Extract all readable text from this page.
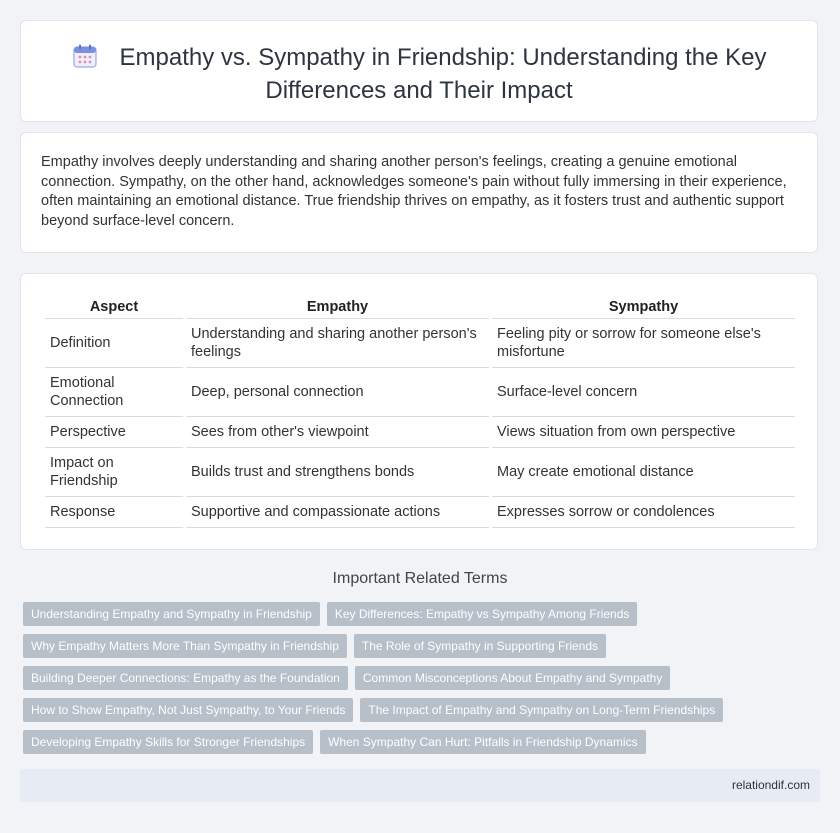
Empathy vs. Sympathy in Friendship: Understanding the Key Differences and Their Impact

Empathy involves deeply understanding and sharing another person's feelings, creating a genuine emotional connection. Sympathy, on the other hand, acknowledges someone's pain without fully immersing in their experience, often maintaining an emotional distance. True friendship thrives on empathy, as it fosters trust and authentic support beyond surface-level concern.

Aspect	Empathy	Sympathy
Definition	Understanding and sharing another person's feelings	Feeling pity or sorrow for someone else's misfortune
Emotional Connection	Deep, personal connection	Surface-level concern
Perspective	Sees from other's viewpoint	Views situation from own perspective
Impact on Friendship	Builds trust and strengthens bonds	May create emotional distance
Response	Supportive and compassionate actions	Expresses sorrow or condolences
Important Related Terms
Understanding Empathy and Sympathy in Friendship	Key Differences: Empathy vs Sympathy Among Friends
Why Empathy Matters More Than Sympathy in Friendship	The Role of Sympathy in Supporting Friends
Building Deeper Connections: Empathy as the Foundation	Common Misconceptions About Empathy and Sympathy
How to Show Empathy, Not Just Sympathy, to Your Friends	The Impact of Empathy and Sympathy on Long-Term Friendships
Developing Empathy Skills for Stronger Friendships	When Sympathy Can Hurt: Pitfalls in Friendship Dynamics
relationdif.com
